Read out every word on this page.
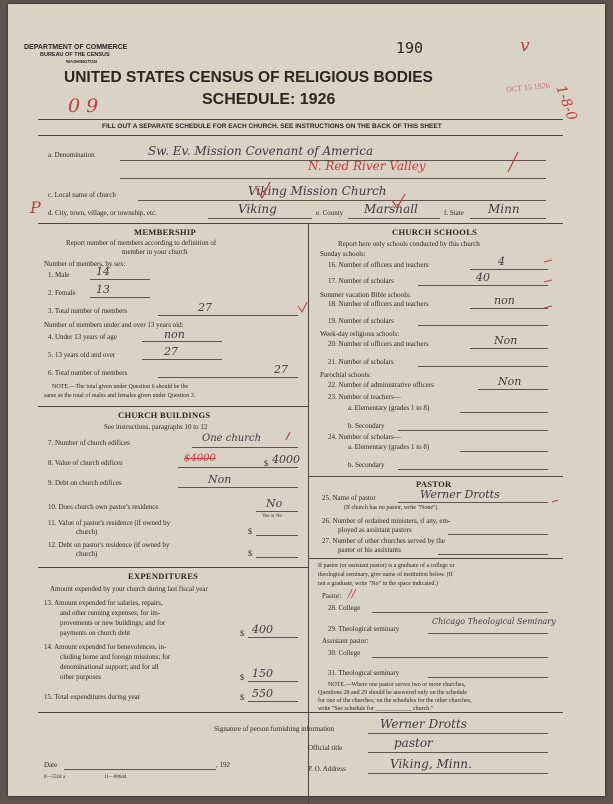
DEPARTMENT OF COMMERCE
BUREAU OF THE CENSUS
WASHINGTON
190	v
OCT 15 1926 1-8-0
UNITED STATES CENSUS OF RELIGIOUS BODIES
SCHEDULE: 1926
0 9
FILL OUT A SEPARATE SCHEDULE FOR EACH CHURCH. SEE INSTRUCTIONS ON THE BACK OF THIS SHEET
a. Denomination	Sw. Ev. Mission Covenant of America
N. Red River Valley
c. Local name of church	Viking Mission Church
P d. City, town, village, or township, etc.	Viking	e. County Marshall	f. State Minn
MEMBERSHIP
Report number of members according to definition of
member in your church
Number of members, by sex:
1. Male 14
2. Female 13
3. Total number of members	27
Number of members under and over 13 years old:
4. Under 13 years of age	non
5. 13 years old and over	27
6. Total number of members	27
NOTE.—The total given under Question 6 should be the
same as the total of males and females given under Question 3.
CHURCH BUILDINGS
See instructions, paragraphs 10 to 12
7. Number of church edifices	One church
8. Value of church edifices	$4000	$ 4000
9. Debt on church edifices	Non
10. Does church own pastor's residence	No
Yes or No
11. Value of pastor's residence (if owned by
church)	$
12. Debt on pastor's residence (if owned by
church)	$
EXPENDITURES
Amount expended by your church during last fiscal year
13. Amount expended for salaries, repairs,
and other running expenses; for im-
provements or new buildings; and for
payments on church debt	$ 400
14. Amount expended for benevolences, in-
cluding home and foreign missions; for
denominational support; and for all
other purposes	$ 150
15. Total expenditures during year	$ 550
CHURCH SCHOOLS
Report here only schools conducted by this church
Sunday schools:
16. Number of officers and teachers	4
17. Number of scholars	40
Summer vacation Bible schools:
18. Number of officers and teachers	non
19. Number of scholars
Week-day religious schools:
20. Number of officers and teachers	Non
21. Number of scholars
Parochial schools:
22. Number of administrative officers	Non
23. Number of teachers—
a. Elementary (grades 1 to 8)
b. Secondary
24. Number of scholars—
a. Elementary (grades 1 to 8)
b. Secondary
PASTOR
25. Name of pastor	Werner Drotts
(If church has no pastor, write "None")
26. Number of ordained ministers, if any, em-
ployed as assistant pastors
27. Number of other churches served by the
pastor or his assistants
If pastor (or assistant pastor) is a graduate of a college or
theological seminary, give name of institution below. (If
not a graduate, write "No" in the space indicated.)
Pastor: //
28. College
29. Theological seminary
Chicago Theological Seminary
Assistant pastor:
30. College
31. Theological seminary
NOTE.—Where one pastor serves two or more churches,
Questions 28 and 29 should be answered only on the schedule
for one of the churches; on the schedules for the other churches,
write "See schedule for ____________ church."
Signature of person furnishing information	Werner Drotts
Official title	pastor
Date	, 192	P. O. Address	Viking, Minn.
8—5518 a	11—00644
